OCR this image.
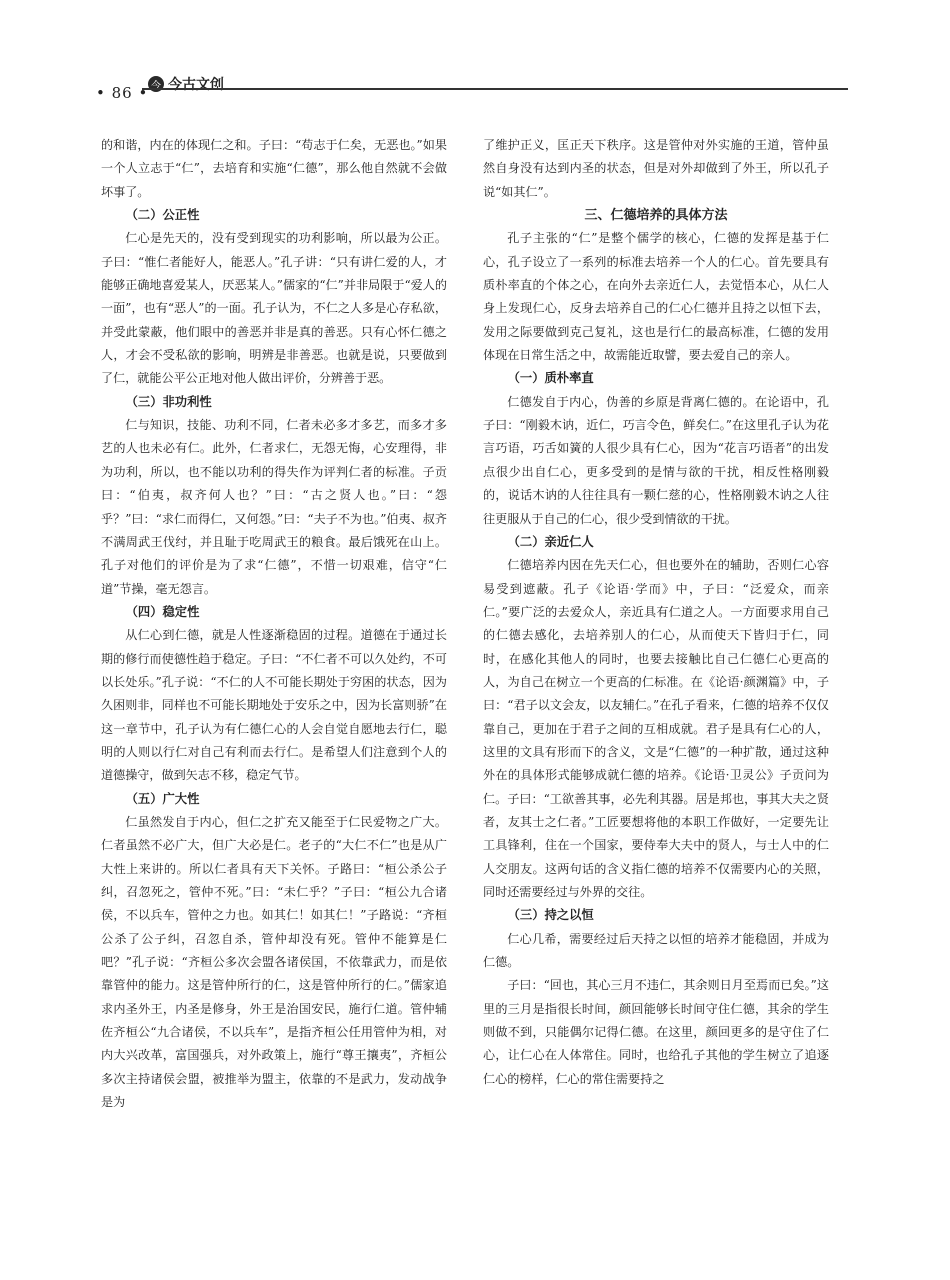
• 86 • 今 今古文创

的和谐，内在的体现仁之和。子曰：“苟志于仁矣，无恶也。”如果一个人立志于“仁”，去培育和实施“仁德”，那么他自然就不会做坏事了。

（二）公正性

仁心是先天的，没有受到现实的功利影响，所以最为公正。子曰：“惟仁者能好人，能恶人。”孔子讲：“只有讲仁爱的人，才能够正确地喜爱某人，厌恶某人。”儒家的“仁”并非局限于“爱人的一面”，也有“恶人”的一面。孔子认为，不仁之人多是心存私欲，并受此蒙蔽，他们眼中的善恶并非是真的善恶。只有心怀仁德之人，才会不受私欲的影响，明辨是非善恶。也就是说，只要做到了仁，就能公平公正地对他人做出评价，分辨善于恶。

（三）非功利性

仁与知识，技能、功利不同，仁者未必多才多艺，而多才多艺的人也未必有仁。此外，仁者求仁，无怨无悔，心安理得，非为功利，所以，也不能以功利的得失作为评判仁者的标准。子贡曰：“伯夷，叔齐何人也？”曰：“古之贤人也。”曰：“怨乎？”曰：“求仁而得仁，又何怨。”曰：“夫子不为也。”伯夷、叔齐不满周武王伐纣，并且耻于吃周武王的粮食。最后饿死在山上。孔子对他们的评价是为了求“仁德”，不惜一切艰难，信守“仁道”节操，毫无怨言。

（四）稳定性

从仁心到仁德，就是人性逐渐稳固的过程。道德在于通过长期的修行而使德性趋于稳定。子曰：“不仁者不可以久处约，不可以长处乐。”孔子说：“不仁的人不可能长期处于穷困的状态，因为久困则非，同样也不可能长期地处于安乐之中，因为长富则骄”在这一章节中，孔子认为有仁德仁心的人会自觉自愿地去行仁，聪明的人则以行仁对自己有利而去行仁。是希望人们注意到个人的道德操守，做到矢志不移，稳定气节。

（五）广大性

仁虽然发自于内心，但仁之扩充又能至于仁民爱物之广大。仁者虽然不必广大，但广大必是仁。老子的“大仁不仁”也是从广大性上来讲的。所以仁者具有天下关怀。子路曰：“桓公杀公子纠，召忽死之，管仲不死。”曰：“未仁乎？”子曰：“桓公九合诸侯，不以兵车，管仲之力也。如其仁！如其仁！”子路说：“齐桓公杀了公子纠，召忽自杀，管仲却没有死。管仲不能算是仁吧？”孔子说：“齐桓公多次会盟各诸侯国，不依靠武力，而是依靠管仲的能力。这是管仲所行的仁，这是管仲所行的仁。”儒家追求内圣外王，内圣是修身，外王是治国安民，施行仁道。管仲辅佐齐桓公“九合诸侯，不以兵车”，是指齐桓公任用管仲为相，对内大兴改革，富国强兵，对外政策上，施行“尊王攘夷”，齐桓公多次主持诸侯会盟，被推举为盟主，依靠的不是武力，发动战争是为

了维护正义，匡正天下秩序。这是管仲对外实施的王道，管仲虽然自身没有达到内圣的状态，但是对外却做到了外王，所以孔子说“如其仁”。

三、仁德培养的具体方法

孔子主张的“仁”是整个儒学的核心，仁德的发挥是基于仁心，孔子设立了一系列的标准去培养一个人的仁心。首先要具有质朴率直的个体之心，在向外去亲近仁人，去觉悟本心，从仁人身上发现仁心，反身去培养自己的仁心仁德并且持之以恒下去，发用之际要做到克己复礼，这也是行仁的最高标准，仁德的发用体现在日常生活之中，故需能近取譬，要去爱自己的亲人。

（一）质朴率直

仁德发自于内心，伪善的乡原是背离仁德的。在论语中，孔子曰：“刚毅木讷，近仁，巧言令色，鲜矣仁。”在这里孔子认为花言巧语，巧舌如簧的人很少具有仁心，因为“花言巧语者”的出发点很少出自仁心，更多受到的是情与欲的干扰，相反性格刚毅的，说话木讷的人往往具有一颗仁慈的心，性格刚毅木讷之人往往更服从于自己的仁心，很少受到情欲的干扰。

（二）亲近仁人

仁德培养内因在先天仁心，但也要外在的辅助，否则仁心容易受到遮蔽。孔子《论语·学而》中，子曰：“泛爱众，而亲仁。”要广泛的去爱众人，亲近具有仁道之人。一方面要求用自己的仁德去感化，去培养别人的仁心，从而使天下皆归于仁，同时，在感化其他人的同时，也要去接触比自己仁德仁心更高的人，为自己在树立一个更高的仁标准。在《论语·颜渊篇》中，子曰：“君子以文会友，以友辅仁。”在孔子看来，仁德的培养不仅仅靠自己，更加在于君子之间的互相成就。君子是具有仁心的人，这里的文具有形而下的含义，文是“仁德”的一种扩散，通过这种外在的具体形式能够成就仁德的培养。《论语·卫灵公》子贡问为仁。子曰：“工欲善其事，必先利其器。居是邦也，事其大夫之贤者，友其士之仁者。”工匠要想将他的本职工作做好，一定要先让工具锋利，住在一个国家，要侍奉大夫中的贤人，与士人中的仁人交朋友。这两句话的含义指仁德的培养不仅需要内心的关照，同时还需要经过与外界的交往。

（三）持之以恒

仁心几希，需要经过后天持之以恒的培养才能稳固，并成为仁德。

子曰：“回也，其心三月不违仁，其余则日月至焉而已矣。”这里的三月是指很长时间，颜回能够长时间守住仁德，其余的学生则做不到，只能偶尔记得仁德。在这里，颜回更多的是守住了仁心，让仁心在人体常住。同时，也给孔子其他的学生树立了追逐仁心的榜样，仁心的常住需要持之
